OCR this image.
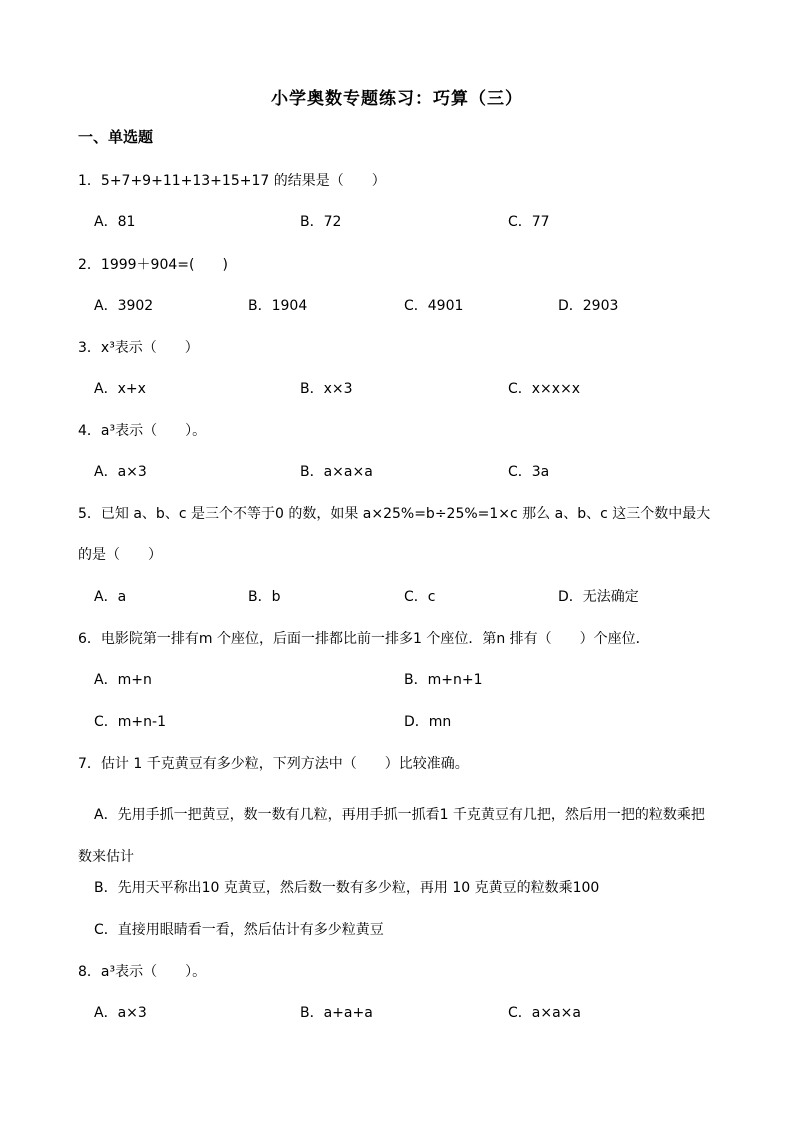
小学奥数专题练习：巧算（三）
一、单选题
1．5+7+9+11+13+15+17 的结果是（　　）
A．81	B．72	C．77
2．1999＋904=(　　)
A．3902	B．1904	C．4901	D．2903
3．x³表示（　　）
A．x+x	B．x×3	C．x×x×x
4．a³表示（　　）。
A．a×3	B．a×a×a	C．3a
5．已知 a、b、c 是三个不等于0 的数，如果 a×25%=b÷25%=1×c 那么 a、b、c 这三个数中最大
的是（　　）
A．a	B．b	C．c	D．无法确定
6．电影院第一排有m 个座位，后面一排都比前一排多1 个座位．第n 排有（　　）个座位．
A．m+n	B．m+n+1
C．m+n-1	D．mn
7．估计 1 千克黄豆有多少粒，下列方法中（　　）比较准确。
A．先用手抓一把黄豆，数一数有几粒，再用手抓一抓看1 千克黄豆有几把，然后用一把的粒数乘把数来估计
B．先用天平称出10 克黄豆，然后数一数有多少粒，再用 10 克黄豆的粒数乘100
C．直接用眼睛看一看，然后估计有多少粒黄豆
8．a³表示（　　）。
A．a×3	B．a+a+a	C．a×a×a
